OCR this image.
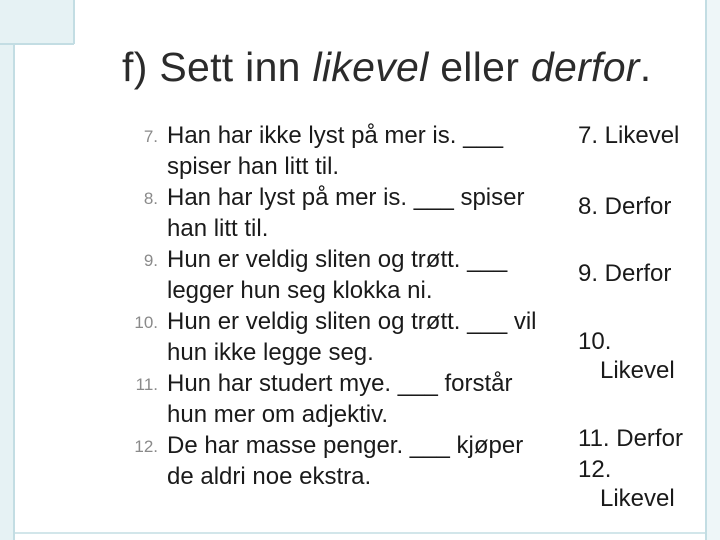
f) Sett inn likevel eller derfor.
7. Han har ikke lyst på mer is. ___ spiser han litt til.
8. Han har lyst på mer is. ___ spiser han litt til.
9. Hun er veldig sliten og trøtt. ___ legger hun seg klokka ni.
10. Hun er veldig sliten og trøtt. ___ vil hun ikke legge seg.
11. Hun har studert mye. ___ forstår hun mer om adjektiv.
12. De har masse penger. ___ kjøper de aldri noe ekstra.
7. Likevel
8. Derfor
9. Derfor
10.
Likevel
11. Derfor
12.
Likevel
